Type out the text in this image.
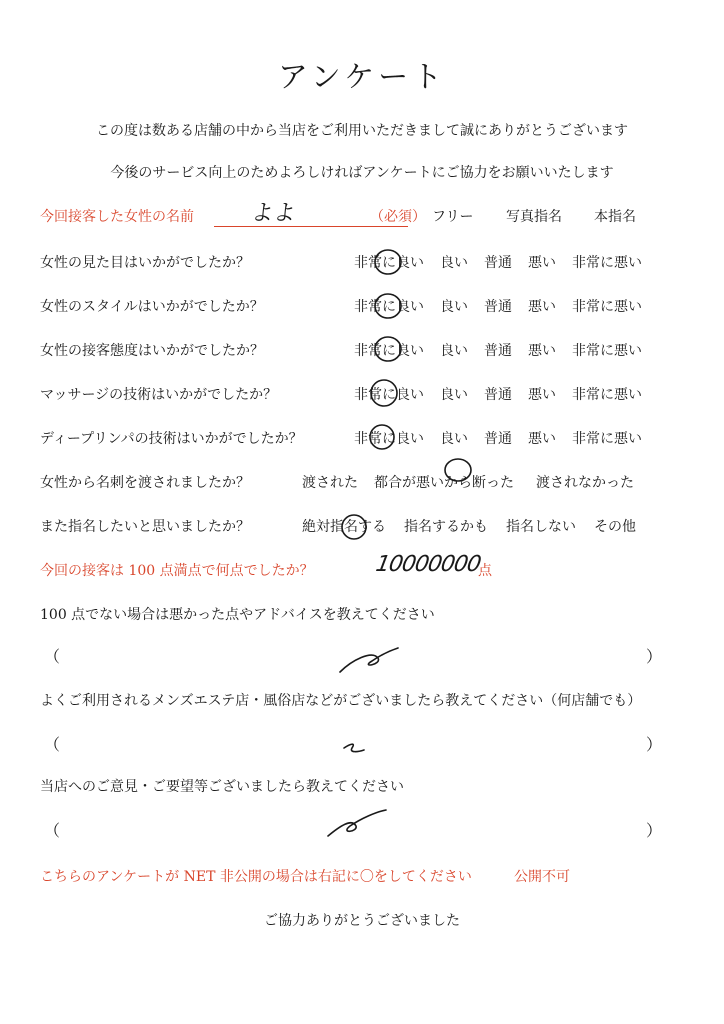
アンケート
この度は数ある店舗の中から当店をご利用いただきまして誠にありがとうございます
今後のサービス向上のためよろしければアンケートにご協力をお願いいたします
今回接客した女性の名前	よよ	（必須） フリー 写真指名 本指名
女性の見た目はいかがでしたか？	非常に良い 良い 普通 悪い 非常に悪い
女性のスタイルはいかがでしたか？	非常に良い 良い 普通 悪い 非常に悪い
女性の接客態度はいかがでしたか？	非常に良い 良い 普通 悪い 非常に悪い
マッサージの技術はいかがでしたか？	非常に良い 良い 普通 悪い 非常に悪い
ディープリンパの技術はいかがでしたか？	非常に良い 良い 普通 悪い 非常に悪い
女性から名刺を渡されましたか？	渡された 都合が悪いから断った 渡されなかった
また指名したいと思いましたか？	絶対指名する 指名するかも 指名しない その他
今回の接客は 100 点満点で何点でしたか？	10000000
点
100 点でない場合は悪かった点やアドバイスを教えてください
（	）
よくご利用されるメンズエステ店・風俗店などがございましたら教えてください（何店舗でも）
（	）
当店へのご意見・ご要望等ございましたら教えてください
（	）
こちらのアンケートが NET 非公開の場合は右記に〇をしてください	公開不可
ご協力ありがとうございました
